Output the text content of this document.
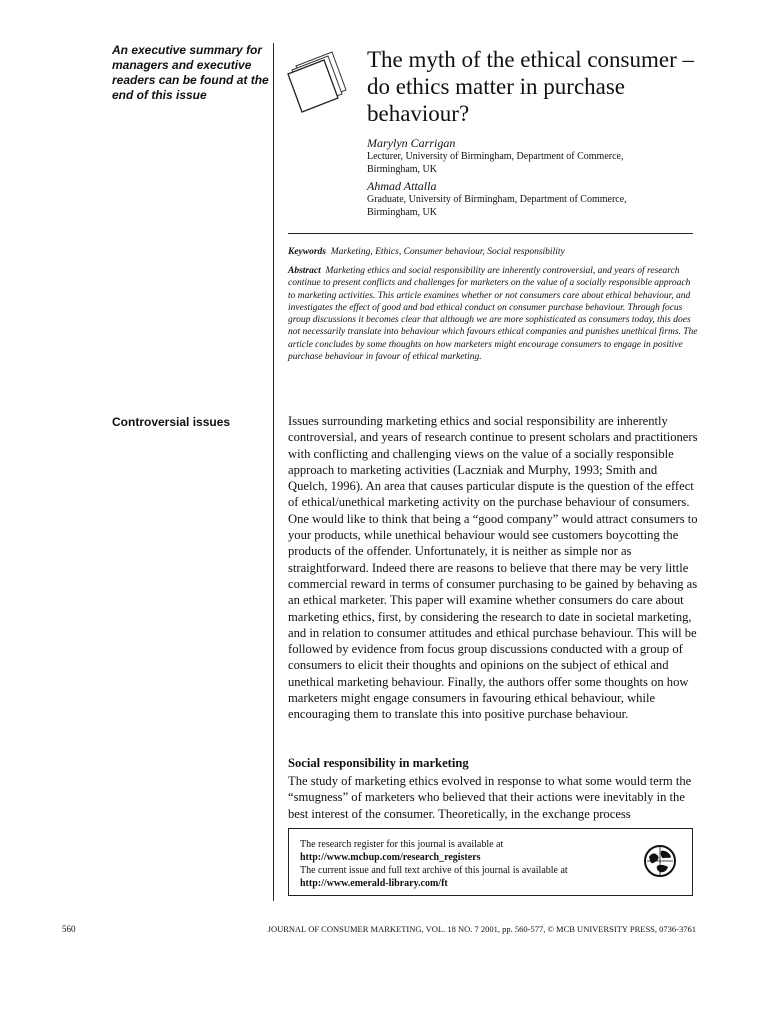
An executive summary for managers and executive readers can be found at the end of this issue
The myth of the ethical consumer – do ethics matter in purchase behaviour?
Marylyn Carrigan
Lecturer, University of Birmingham, Department of Commerce,
Birmingham, UK
Ahmad Attalla
Graduate, University of Birmingham, Department of Commerce,
Birmingham, UK
Keywords Marketing, Ethics, Consumer behaviour, Social responsibility
Abstract Marketing ethics and social responsibility are inherently controversial, and years of research continue to present conflicts and challenges for marketers on the value of a socially responsible approach to marketing activities. This article examines whether or not consumers care about ethical behaviour, and investigates the effect of good and bad ethical conduct on consumer purchase behaviour. Through focus group discussions it becomes clear that although we are more sophisticated as consumers today, this does not necessarily translate into behaviour which favours ethical companies and punishes unethical firms. The article concludes by some thoughts on how marketers might encourage consumers to engage in positive purchase behaviour in favour of ethical marketing.
Controversial issues	Issues surrounding marketing ethics and social responsibility are inherently controversial, and years of research continue to present scholars and practitioners with conflicting and challenging views on the value of a socially responsible approach to marketing activities (Laczniak and Murphy, 1993; Smith and Quelch, 1996). An area that causes particular dispute is the question of the effect of ethical/unethical marketing activity on the purchase behaviour of consumers. One would like to think that being a “good company” would attract consumers to your products, while unethical behaviour would see customers boycotting the products of the offender. Unfortunately, it is neither as simple nor as straightforward. Indeed there are reasons to believe that there may be very little commercial reward in terms of consumer purchasing to be gained by behaving as an ethical marketer. This paper will examine whether consumers do care about marketing ethics, first, by considering the research to date in societal marketing, and in relation to consumer attitudes and ethical purchase behaviour. This will be followed by evidence from focus group discussions conducted with a group of consumers to elicit their thoughts and opinions on the subject of ethical and unethical marketing behaviour. Finally, the authors offer some thoughts on how marketers might engage consumers in favouring ethical behaviour, while encouraging them to translate this into positive purchase behaviour.
Social responsibility in marketing
The study of marketing ethics evolved in response to what some would term the “smugness” of marketers who believed that their actions were inevitably in the best interest of the consumer. Theoretically, in the exchange process
The research register for this journal is available at
http://www.mcbup.com/research_registers
The current issue and full text archive of this journal is available at
http://www.emerald-library.com/ft
560	JOURNAL OF CONSUMER MARKETING, VOL. 18 NO. 7 2001, pp. 560-577, © MCB UNIVERSITY PRESS, 0736-3761
